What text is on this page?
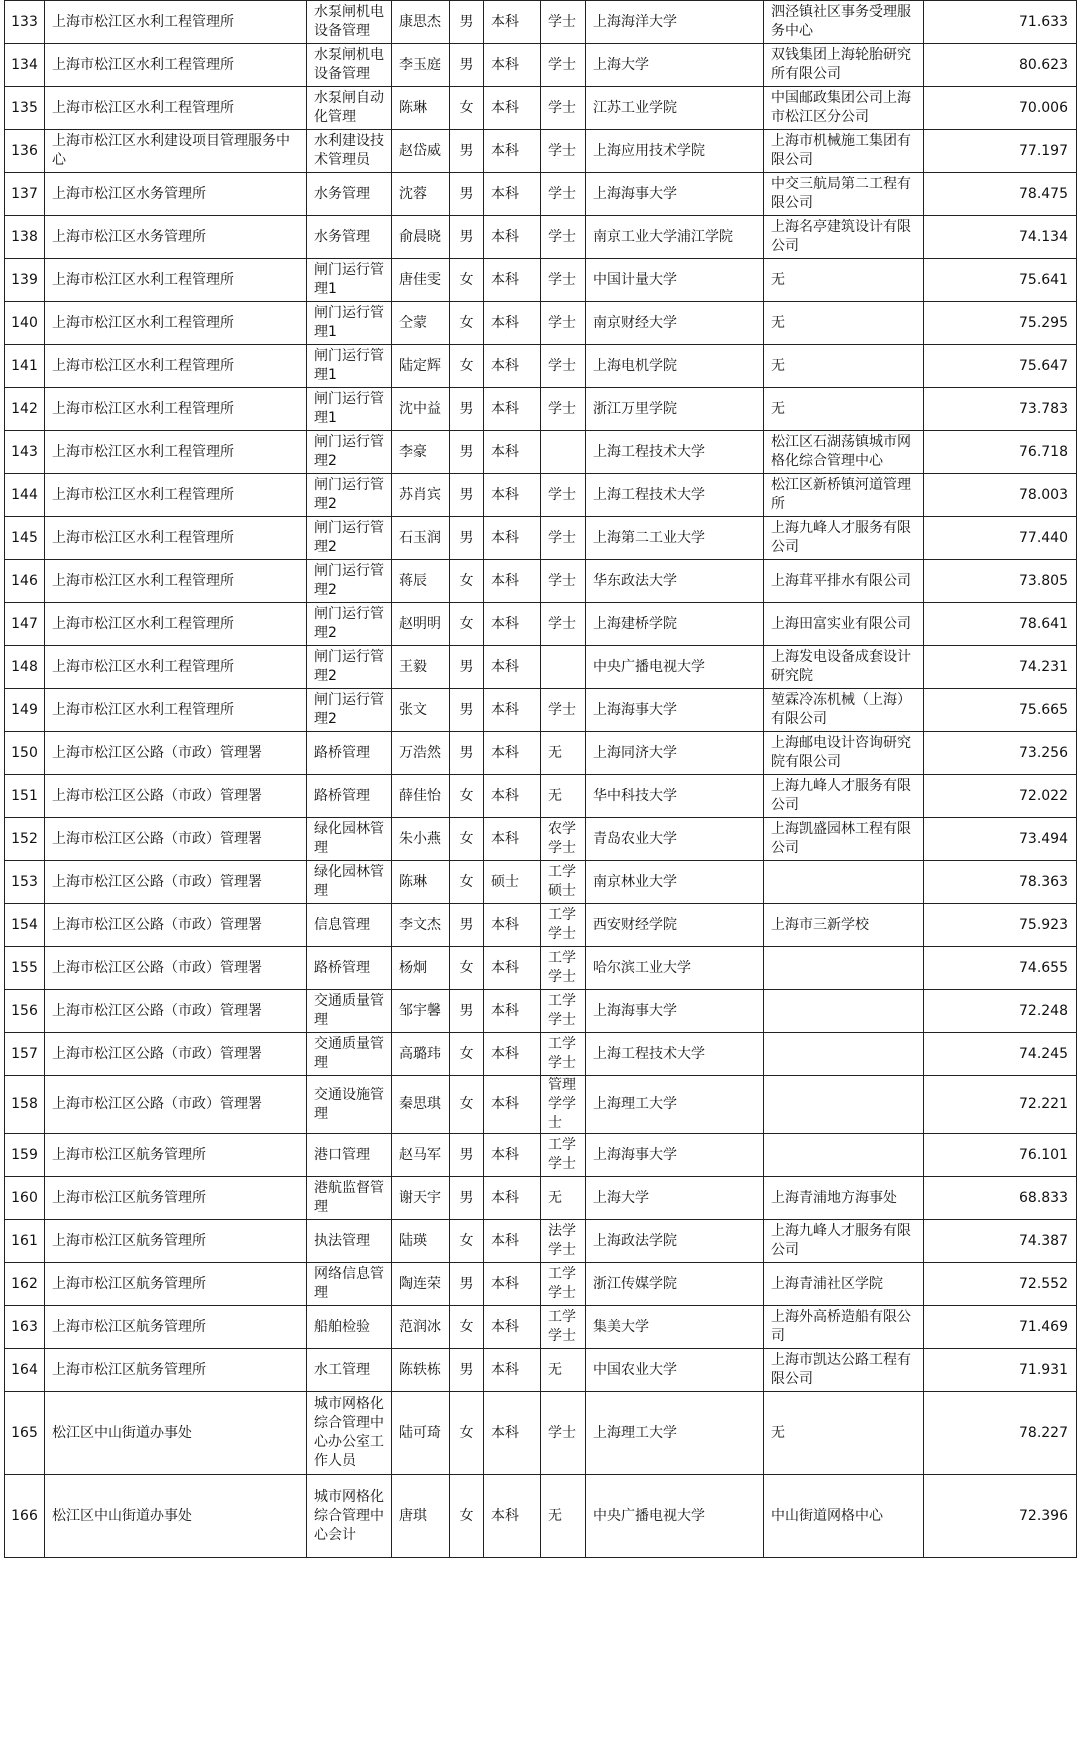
133	上海市松江区水利工程管理所	水泵闸机电设备管理	康思杰	男	本科	学士	上海海洋大学	泗泾镇社区事务受理服务中心	71.633
134	上海市松江区水利工程管理所	水泵闸机电设备管理	李玉庭	男	本科	学士	上海大学	双钱集团上海轮胎研究所有限公司	80.623
135	上海市松江区水利工程管理所	水泵闸自动化管理	陈琳	女	本科	学士	江苏工业学院	中国邮政集团公司上海市松江区分公司	70.006
136	上海市松江区水利建设项目管理服务中心	水利建设技术管理员	赵岱威	男	本科	学士	上海应用技术学院	上海市机械施工集团有限公司	77.197
137	上海市松江区水务管理所	水务管理	沈蓉	男	本科	学士	上海海事大学	中交三航局第二工程有限公司	78.475
138	上海市松江区水务管理所	水务管理	俞晨晓	男	本科	学士	南京工业大学浦江学院	上海名亭建筑设计有限公司	74.134
139	上海市松江区水利工程管理所	闸门运行管理1	唐佳雯	女	本科	学士	中国计量大学	无	75.641
140	上海市松江区水利工程管理所	闸门运行管理1	仝蒙	女	本科	学士	南京财经大学	无	75.295
141	上海市松江区水利工程管理所	闸门运行管理1	陆定辉	女	本科	学士	上海电机学院	无	75.647
142	上海市松江区水利工程管理所	闸门运行管理1	沈中益	男	本科	学士	浙江万里学院	无	73.783
143	上海市松江区水利工程管理所	闸门运行管理2	李豪	男	本科		上海工程技术大学	松江区石湖荡镇城市网格化综合管理中心	76.718
144	上海市松江区水利工程管理所	闸门运行管理2	苏肖宾	男	本科	学士	上海工程技术大学	松江区新桥镇河道管理所	78.003
145	上海市松江区水利工程管理所	闸门运行管理2	石玉润	男	本科	学士	上海第二工业大学	上海九峰人才服务有限公司	77.440
146	上海市松江区水利工程管理所	闸门运行管理2	蒋辰	女	本科	学士	华东政法大学	上海茸平排水有限公司	73.805
147	上海市松江区水利工程管理所	闸门运行管理2	赵明明	女	本科	学士	上海建桥学院	上海田富实业有限公司	78.641
148	上海市松江区水利工程管理所	闸门运行管理2	王毅	男	本科		中央广播电视大学	上海发电设备成套设计研究院	74.231
149	上海市松江区水利工程管理所	闸门运行管理2	张文	男	本科	学士	上海海事大学	堃霖冷冻机械（上海）有限公司	75.665
150	上海市松江区公路（市政）管理署	路桥管理	万浩然	男	本科	无	上海同济大学	上海邮电设计咨询研究院有限公司	73.256
151	上海市松江区公路（市政）管理署	路桥管理	薛佳怡	女	本科	无	华中科技大学	上海九峰人才服务有限公司	72.022
152	上海市松江区公路（市政）管理署	绿化园林管理	朱小燕	女	本科	农学学士	青岛农业大学	上海凯盛园林工程有限公司	73.494
153	上海市松江区公路（市政）管理署	绿化园林管理	陈琳	女	硕士	工学硕士	南京林业大学		78.363
154	上海市松江区公路（市政）管理署	信息管理	李文杰	男	本科	工学学士	西安财经学院	上海市三新学校	75.923
155	上海市松江区公路（市政）管理署	路桥管理	杨炯	女	本科	工学学士	哈尔滨工业大学		74.655
156	上海市松江区公路（市政）管理署	交通质量管理	邹宇馨	男	本科	工学学士	上海海事大学		72.248
157	上海市松江区公路（市政）管理署	交通质量管理	高璐玮	女	本科	工学学士	上海工程技术大学		74.245
158	上海市松江区公路（市政）管理署	交通设施管理	秦思琪	女	本科	管理学学士	上海理工大学		72.221
159	上海市松江区航务管理所	港口管理	赵马军	男	本科	工学学士	上海海事大学		76.101
160	上海市松江区航务管理所	港航监督管理	谢天宇	男	本科	无	上海大学	上海青浦地方海事处	68.833
161	上海市松江区航务管理所	执法管理	陆瑛	女	本科	法学学士	上海政法学院	上海九峰人才服务有限公司	74.387
162	上海市松江区航务管理所	网络信息管理	陶连荣	男	本科	工学学士	浙江传媒学院	上海青浦社区学院	72.552
163	上海市松江区航务管理所	船舶检验	范润冰	女	本科	工学学士	集美大学	上海外高桥造船有限公司	71.469
164	上海市松江区航务管理所	水工管理	陈轶栋	男	本科	无	中国农业大学	上海市凯达公路工程有限公司	71.931
165	松江区中山街道办事处	城市网格化综合管理中心办公室工作人员	陆可琦	女	本科	学士	上海理工大学	无	78.227
166	松江区中山街道办事处	城市网格化综合管理中心会计	唐琪	女	本科	无	中央广播电视大学	中山街道网格中心	72.396
